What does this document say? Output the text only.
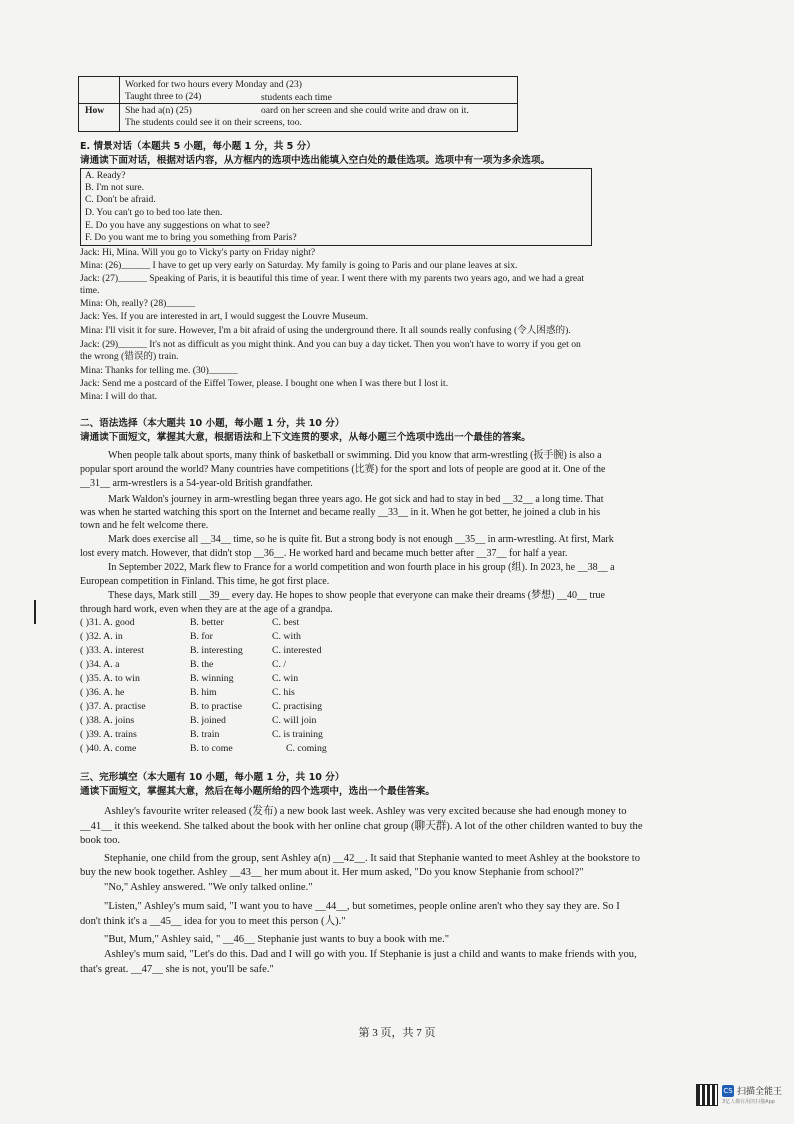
Worked for two hours every Monday and (23)
Taught three to (24)	students each time
How She had a(n) (25)	oard on her screen and she could write and draw on it.
The students could see it on their screens, too.
E. 情景对话（本题共 5 小题，每小题 1 分，共 5 分）
请通读下面对话，根据对话内容，从方框内的选项中选出能填入空白处的最佳选项。选项中有一项为多余选项。
A. Ready?
B. I'm not sure.
C. Don't be afraid.
D. You can't go to bed too late then.
E. Do you have any suggestions on what to see?
F. Do you want me to bring you something from Paris?
Jack: Hi, Mina. Will you go to Vicky's party on Friday night?
Mina: (26)______ I have to get up very early on Saturday. My family is going to Paris and our plane leaves at six.
Jack: (27)______ Speaking of Paris, it is beautiful this time of year. I went there with my parents two years ago, and we had a great
time.
Mina: Oh, really? (28)______
Jack: Yes. If you are interested in art, I would suggest the Louvre Museum.
Mina: I'll visit it for sure. However, I'm a bit afraid of using the underground there. It all sounds really confusing (令人困惑的).
Jack: (29)______ It's not as difficult as you might think. And you can buy a day ticket. Then you won't have to worry if you get on
the wrong (错误的) train.
Mina: Thanks for telling me. (30)______
Jack: Send me a postcard of the Eiffel Tower, please. I bought one when I was there but I lost it.
Mina: I will do that.
二、语法选择（本大题共 10 小题，每小题 1 分，共 10 分）
请通读下面短文，掌握其大意，根据语法和上下文连贯的要求，从每小题三个选项中选出一个最佳的答案。
When people talk about sports, many think of basketball or swimming. Did you know that arm-wrestling (扳手腕) is also a
popular sport around the world? Many countries have competitions (比赛) for the sport and lots of people are good at it. One of the
__31__ arm-wrestlers is a 54-year-old British grandfather.
Mark Waldon's journey in arm-wrestling began three years ago. He got sick and had to stay in bed __32__ a long time. That
was when he started watching this sport on the Internet and became really __33__ in it. When he got better, he joined a club in his
town and he felt welcome there.
Mark does exercise all __34__ time, so he is quite fit. But a strong body is not enough __35__ in arm-wrestling. At first, Mark
lost every match. However, that didn't stop __36__. He worked hard and became much better after __37__ for half a year.
In September 2022, Mark flew to France for a world competition and won fourth place in his group (组). In 2023, he __38__ a
European competition in Finland. This time, he got first place.
These days, Mark still __39__ every day. He hopes to show people that everyone can make their dreams (梦想) __40__ true
through hard work, even when they are at the age of a grandpa.
( )31. A. good	B. better	C. best
( )32. A. in	B. for	C. with
( )33. A. interest	B. interesting	C. interested
( )34. A. a	B. the	C. /
( )35. A. to win	B. winning	C. win
( )36. A. he	B. him	C. his
( )37. A. practise	B. to practise	C. practising
( )38. A. joins	B. joined	C. will join
( )39. A. trains	B. train	C. is training
( )40. A. come	B. to come	C. coming
三、完形填空（本大题有 10 小题，每小题 1 分，共 10 分）
通读下面短文，掌握其大意，然后在每小题所给的四个选项中，选出一个最佳答案。
Ashley's favourite writer released (发布) a new book last week. Ashley was very excited because she had enough money to
__41__ it this weekend. She talked about the book with her online chat group (聊天群). A lot of the other children wanted to buy the
book too.
Stephanie, one child from the group, sent Ashley a(n) __42__. It said that Stephanie wanted to meet Ashley at the bookstore to
buy the new book together. Ashley __43__ her mum about it. Her mum asked, "Do you know Stephanie from school?"
"No," Ashley answered. "We only talked online."
"Listen," Ashley's mum said, "I want you to have __44__, but sometimes, people online aren't who they say they are. So I
don't think it's a __45__ idea for you to meet this person (人)."
"But, Mum," Ashley said, " __46__ Stephanie just wants to buy a book with me."
Ashley's mum said, "Let's do this. Dad and I will go with you. If Stephanie is just a child and wants to make friends with you,
that's great. __47__ she is not, you'll be safe."
第 3 页，共 7 页
CS 扫描全能王
3亿人都在用的扫描App
